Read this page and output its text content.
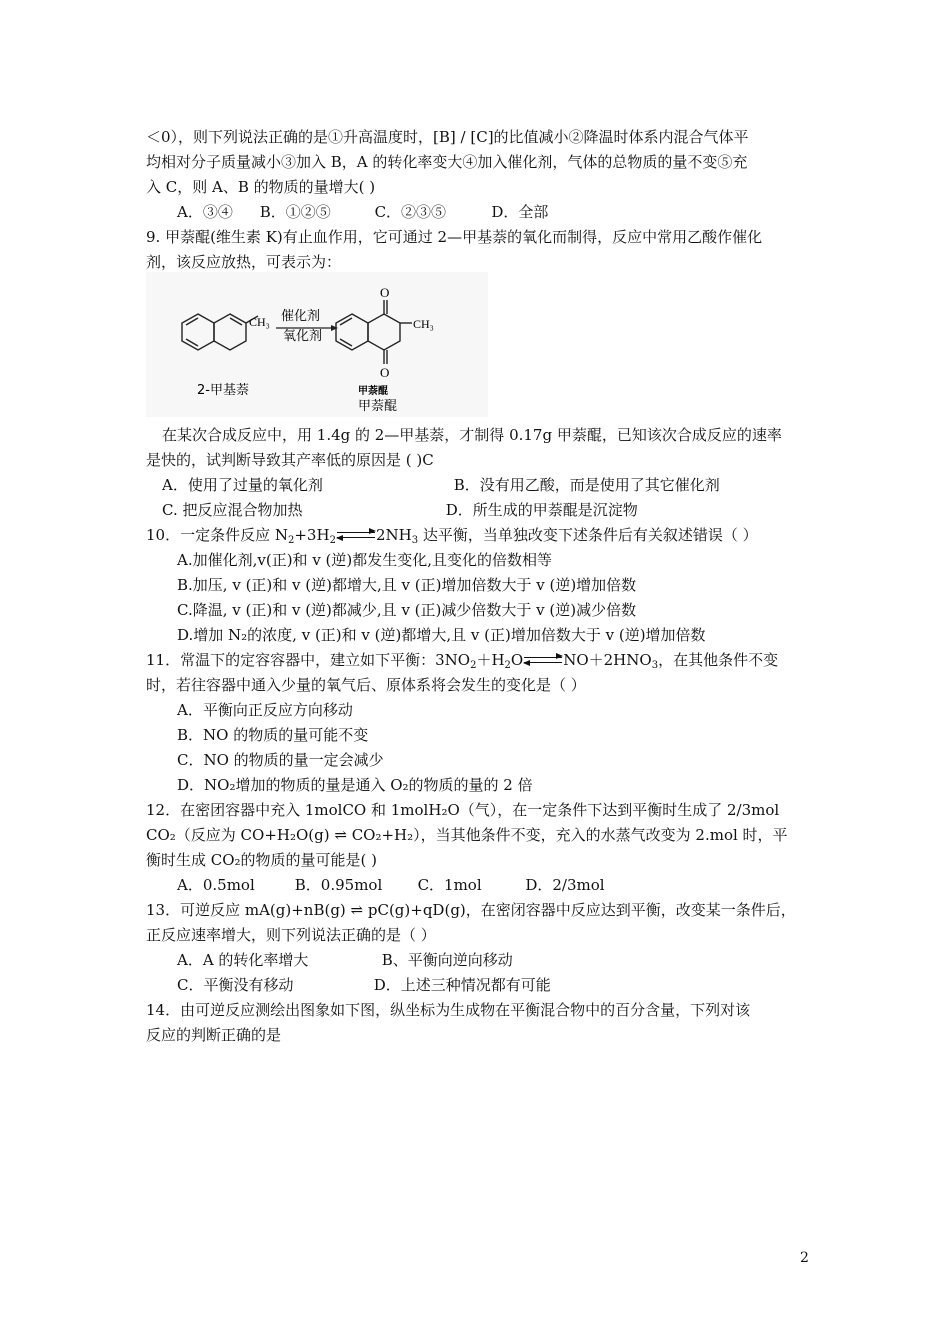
＜0），则下列说法正确的是①升高温度时，[B] / [C]的比值减小②降温时体系内混合气体平
均相对分子质量减小③加入 B，A 的转化率变大④加入催化剂，气体的总物质的量不变⑤充
入 C，则 A、B 的物质的量增大( )
A．③④ B．①②⑤	C．②③⑤	D．全部
9. 甲萘醌(维生素 K)有止血作用，它可通过 2—甲基萘的氧化而制得，反应中常用乙酸作催化
剂，该反应放热，可表示为：
CH₃ 催化剂
氧化剂
O
O
CH₃
2-甲基萘	甲萘醌
甲萘醌
在某次合成反应中，用 1.4g 的 2—甲基萘，才制得 0.17g 甲萘醌，已知该次合成反应的速率
是快的，试判断导致其产率低的原因是 ( )C
A．使用了过量的氧化剂	B．没有用乙酸，而是使用了其它催化剂
C. 把反应混合物加热	D．所生成的甲萘醌是沉淀物
10．一定条件反应 $N_2+3H_2$	$2NH_3$ 达平衡，当单独改变下述条件后有关叙述错误（ ）
A.加催化剂,v(正)和 v (逆)都发生变化,且变化的倍数相等
B.加压, v (正)和 v (逆)都增大,且 v (正)增加倍数大于 v (逆)增加倍数
C.降温, v (正)和 v (逆)都减少,且 v (正)减少倍数大于 v (逆)减少倍数
D.增加 N₂的浓度, v (正)和 v (逆)都增大,且 v (正)增加倍数大于 v (逆)增加倍数
11．常温下的定容容器中，建立如下平衡：$3NO_2+H_2O$	$NO+2HNO_3$，在其他条件不变
时，若往容器中通入少量的氧气后、原体系将会发生的变化是（ ）
A．平衡向正反应方向移动
B．NO 的物质的量可能不变
C．NO 的物质的量一定会减少
D．NO₂增加的物质的量是通入 O₂的物质的量的 2 倍
12．在密团容器中充入 1molCO 和 1molH₂O（气），在一定条件下达到平衡时生成了 2/3mol
CO₂（反应为 CO+H₂O(g) ⇌ CO₂+H₂），当其他条件不变，充入的水蒸气改变为 2.mol 时，平
衡时生成 CO₂的物质的量可能是( )
A．0.5mol	B．0.95mol C．1mol	D．2/3mol
13．可逆反应 mA(g)+nB(g) ⇌ pC(g)+qD(g)，在密闭容器中反应达到平衡，改变某一条件后，
正反应速率增大，则下列说法正确的是（ ）
A．A 的转化率增大	B、平衡向逆向移动
C．平衡没有移动	D．上述三种情况都有可能
14．由可逆反应测绘出图象如下图，纵坐标为生成物在平衡混合物中的百分含量，下列对该
反应的判断正确的是
2
